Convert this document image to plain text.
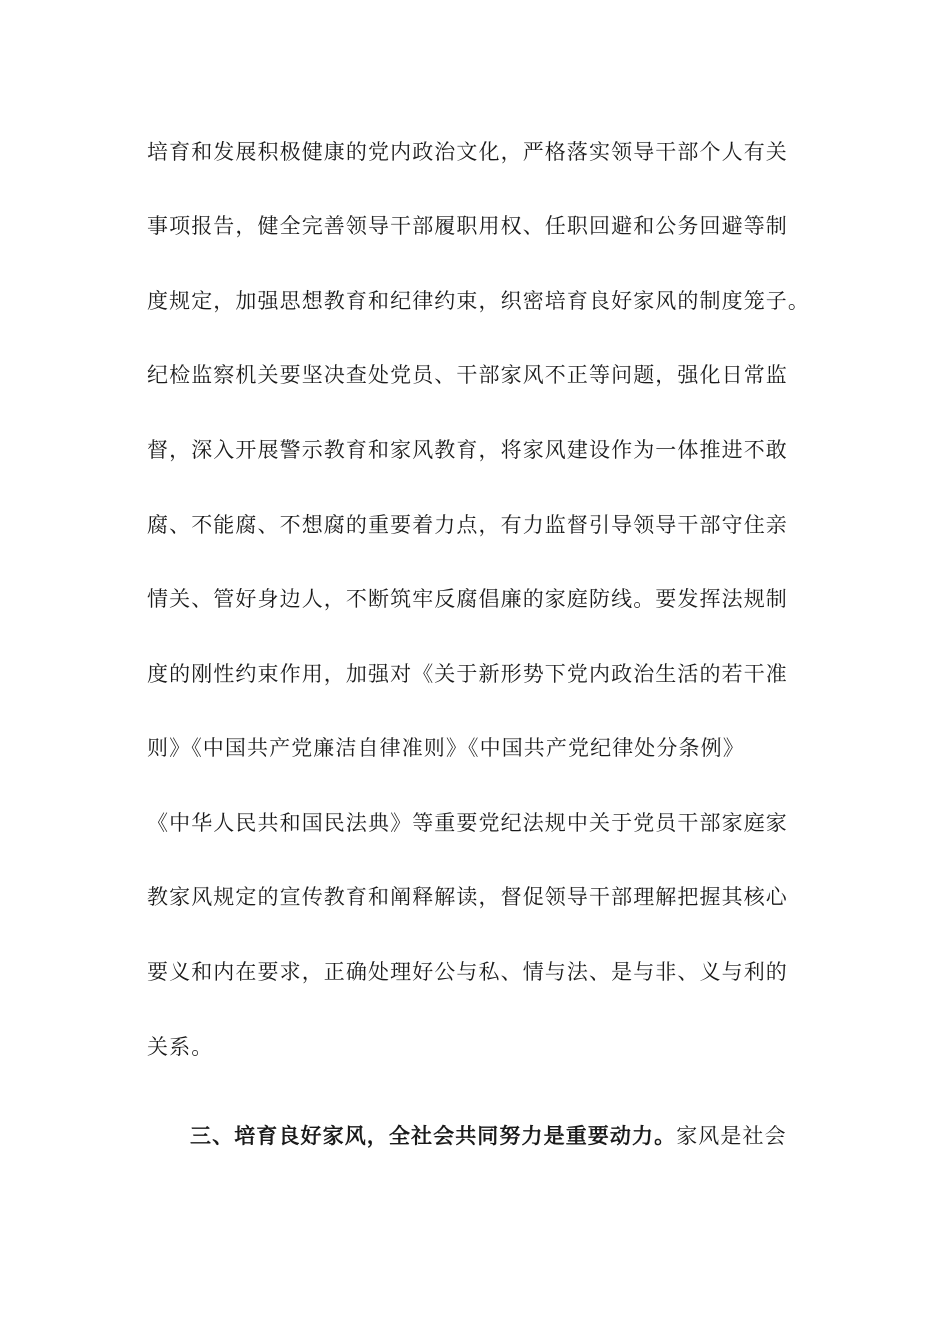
培育和发展积极健康的党内政治文化，严格落实领导干部个人有关
事项报告，健全完善领导干部履职用权、任职回避和公务回避等制
度规定，加强思想教育和纪律约束，织密培育良好家风的制度笼子。
纪检监察机关要坚决查处党员、干部家风不正等问题，强化日常监
督，深入开展警示教育和家风教育，将家风建设作为一体推进不敢
腐、不能腐、不想腐的重要着力点，有力监督引导领导干部守住亲
情关、管好身边人，不断筑牢反腐倡廉的家庭防线。要发挥法规制
度的刚性约束作用，加强对《关于新形势下党内政治生活的若干准
则》《中国共产党廉洁自律准则》《中国共产党纪律处分条例》
《中华人民共和国民法典》等重要党纪法规中关于党员干部家庭家
教家风规定的宣传教育和阐释解读，督促领导干部理解把握其核心
要义和内在要求，正确处理好公与私、情与法、是与非、义与利的
关系。
三、培育良好家风，全社会共同努力是重要动力。家风是社会
